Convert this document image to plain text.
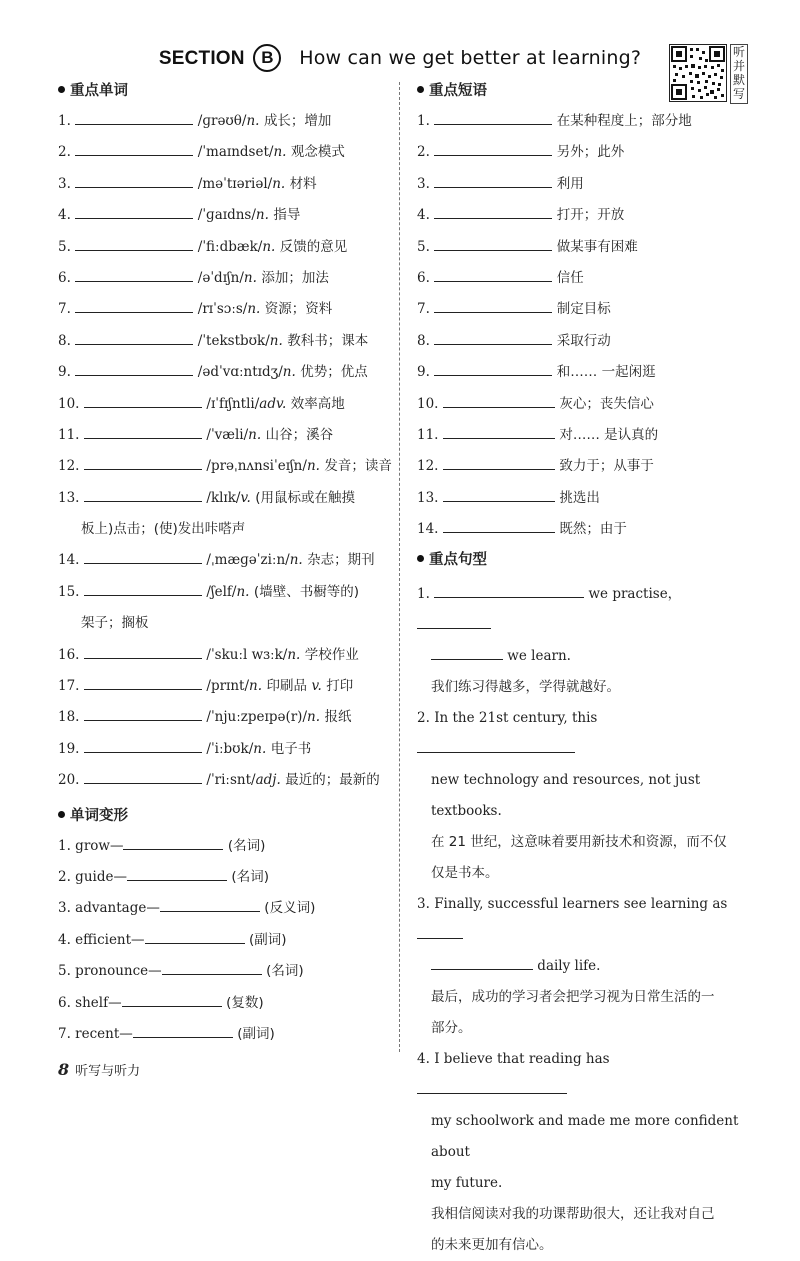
SECTION B How can we get better at learning?	听
并
默
写
重点单词
1.	/ɡrəʊθ/n. 成长；增加
2.	/ˈmaɪndset/n. 观念模式
3.	/məˈtɪəriəl/n. 材料
4.	/ˈɡaɪdns/n. 指导
5.	/ˈfiːdbæk/n. 反馈的意见
6.	/əˈdɪʃn/n. 添加；加法
7.	/rɪˈsɔːs/n. 资源；资料
8.	/ˈtekstbʊk/n. 教科书；课本
9.	/ədˈvɑːntɪdʒ/n. 优势；优点
10.	/ɪˈfɪʃntli/adv. 效率高地
11.	/ˈvæli/n. 山谷；溪谷
12.	/prəˌnʌnsiˈeɪʃn/n. 发音；读音
13.	/klɪk/v. (用鼠标或在触摸
板上)点击；(使)发出咔嗒声
14.	/ˌmæɡəˈziːn/n. 杂志；期刊
15.	/ʃelf/n. (墙壁、书橱等的)
架子；搁板
16.	/ˈskuːl wɜːk/n. 学校作业
17.	/prɪnt/n. 印刷品 v. 打印
18.	/ˈnjuːzpeɪpə(r)/n. 报纸
19.	/ˈiːbʊk/n. 电子书
20.	/ˈriːsnt/adj. 最近的；最新的
单词变形
1. grow—	(名词)
2. guide—	(名词)
3. advantage—	(反义词)
4. efficient—	(副词)
5. pronounce—	(名词)
6. shelf—	(复数)
7. recent—	(副词)
重点短语
1.	在某种程度上；部分地
2.	另外；此外
3.	利用
4.	打开；开放
5.	做某事有困难
6.	信任
7.	制定目标
8.	采取行动
9.	和…… 一起闲逛
10.	灰心；丧失信心
11.	对…… 是认真的
12.	致力于；从事于
13.	挑选出
14.	既然；由于
重点句型
1.	we practise，
we learn.
我们练习得越多，学得就越好。
2. In the 21st century, this
new technology and resources, not just textbooks.
在 21 世纪，这意味着要用新技术和资源，而不仅
仅是书本。
3. Finally, successful learners see learning as
daily life.
最后，成功的学习者会把学习视为日常生活的一
部分。
4. I believe that reading has
my schoolwork and made me more confident about
my future.
我相信阅读对我的功课帮助很大，还让我对自己
的未来更加有信心。
8 听写与听力
